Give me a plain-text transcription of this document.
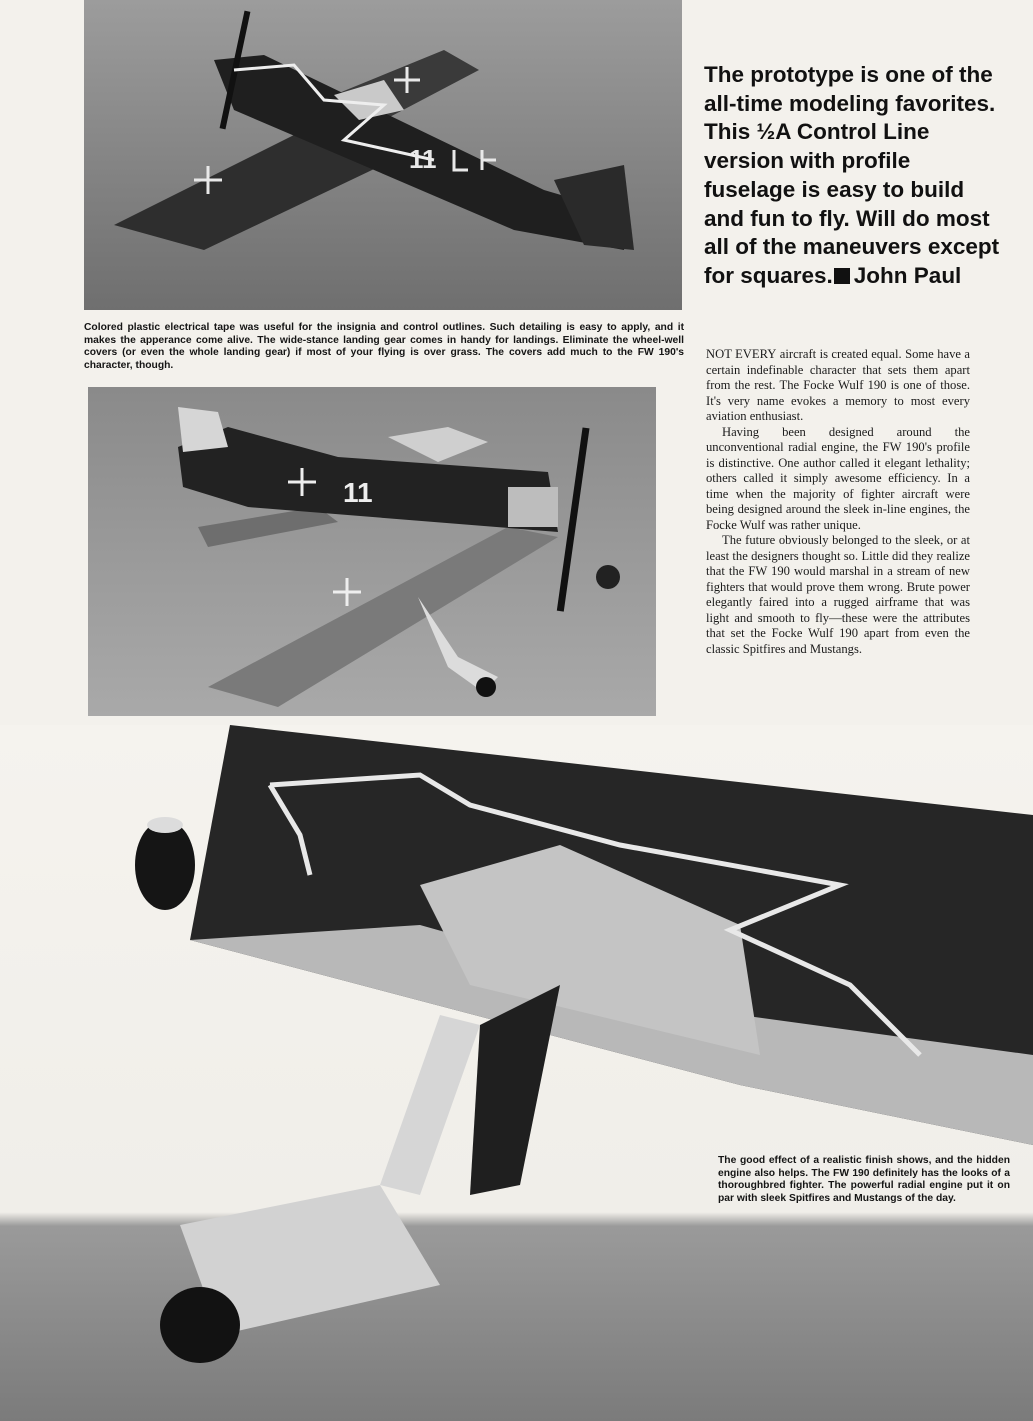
11

Colored plastic electrical tape was useful for the insignia and control outlines. Such detailing is easy to apply, and it makes the apperance come alive. The wide-stance landing gear comes in handy for landings. Eliminate the wheel-well covers (or even the whole landing gear) if most of your flying is over grass. The covers add much to the FW 190's character, though.

11
The prototype is one of the all-time modeling favorites. This ½A Control Line version with profile fuselage is easy to build and fun to fly. Will do most all of the maneuvers except for squares. John Paul

NOT EVERY aircraft is created equal. Some have a certain indefinable character that sets them apart from the rest. The Focke Wulf 190 is one of those. It's very name evokes a memory to most every aviation enthusiast.

Having been designed around the unconventional radial engine, the FW 190's profile is distinctive. One author called it elegant lethality; others called it simply awesome efficiency. In a time when the majority of fighter aircraft were being designed around the sleek in-line engines, the Focke Wulf was rather unique.

The future obviously belonged to the sleek, or at least the designers thought so. Little did they realize that the FW 190 would marshal in a stream of new fighters that would prove them wrong. Brute power elegantly faired into a rugged airframe that was light and smooth to fly—these were the attributes that set the Focke Wulf 190 apart from even the classic Spitfires and Mustangs.

The good effect of a realistic finish shows, and the hidden engine also helps. The FW 190 definitely has the looks of a thoroughbred fighter. The powerful radial engine put it on par with sleek Spitfires and Mustangs of the day.
